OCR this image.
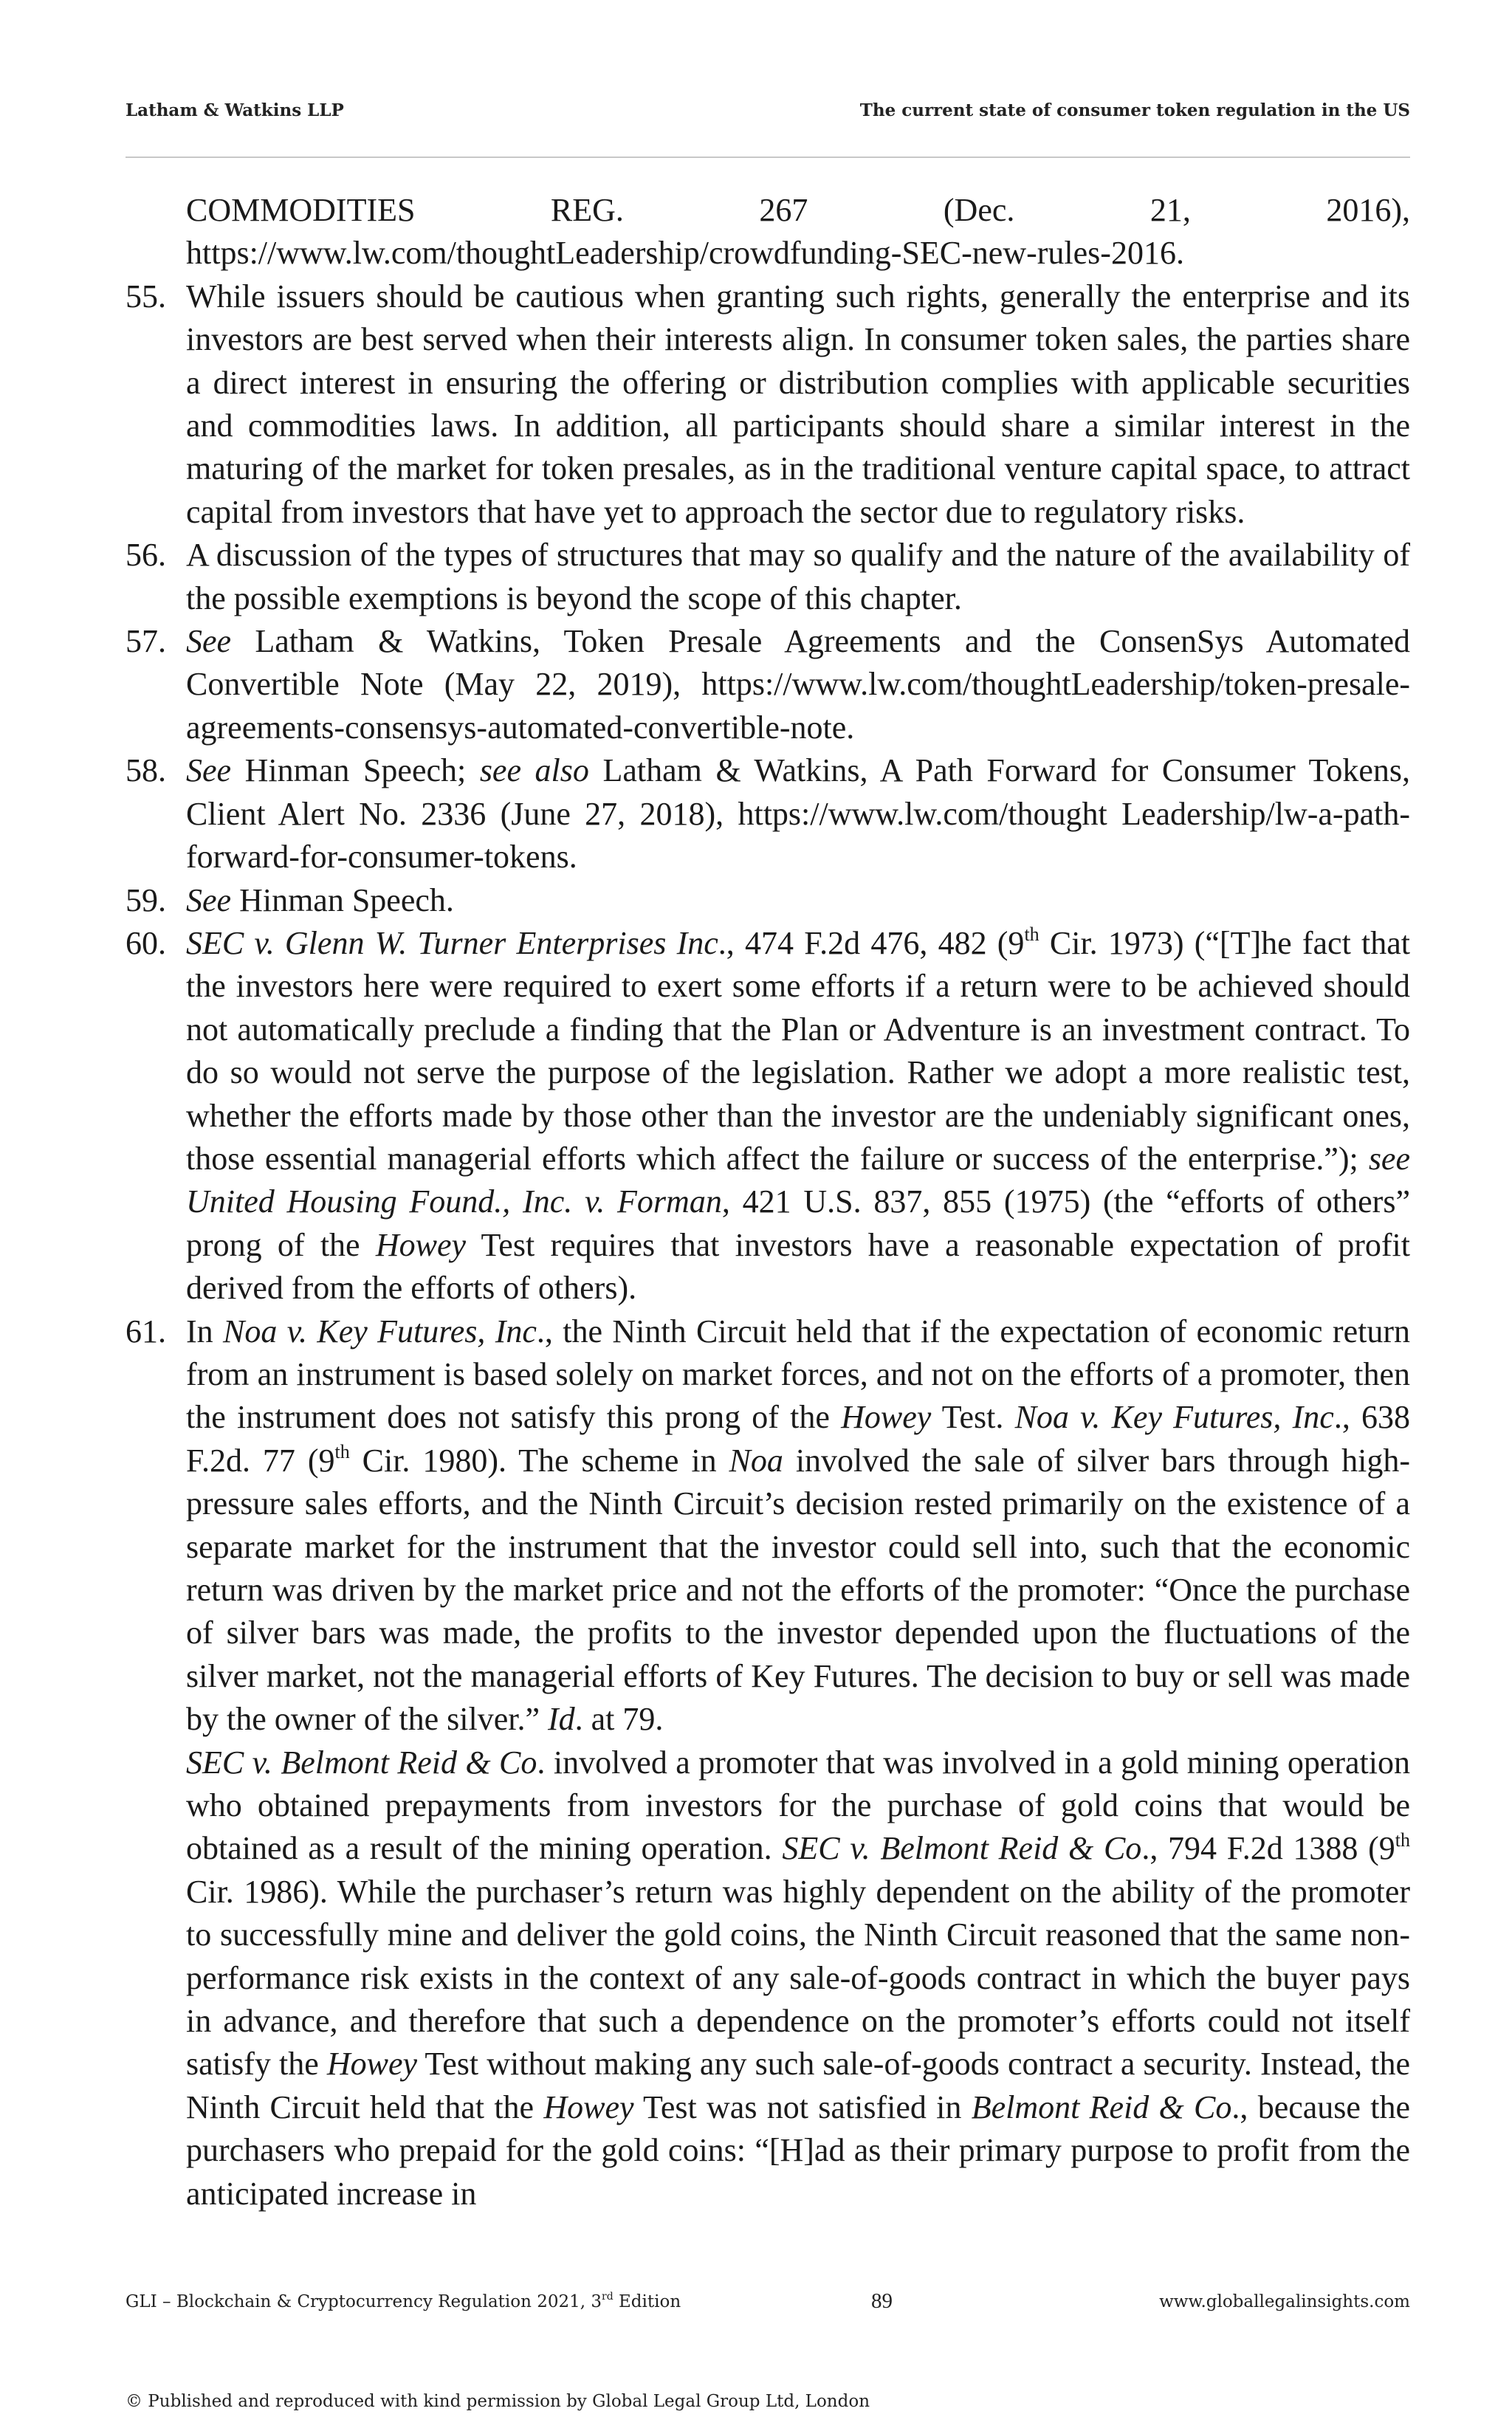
Latham & Watkins LLP	The current state of consumer token regulation in the US
COMMODITIES REG. 267 (Dec. 21, 2016), https://www.lw.com/thoughtLeadership/crowdfunding-SEC-new-rules-2016.
55. While issuers should be cautious when granting such rights, generally the enterprise and its investors are best served when their interests align. In consumer token sales, the parties share a direct interest in ensuring the offering or distribution complies with applicable securities and commodities laws. In addition, all participants should share a similar interest in the maturing of the market for token presales, as in the traditional venture capital space, to attract capital from investors that have yet to approach the sector due to regulatory risks.
56. A discussion of the types of structures that may so qualify and the nature of the availability of the possible exemptions is beyond the scope of this chapter.
57. See Latham & Watkins, Token Presale Agreements and the ConsenSys Automated Convertible Note (May 22, 2019), https://www.lw.com/thoughtLeadership/token-presale-agreements-consensys-automated-convertible-note.
58. See Hinman Speech; see also Latham & Watkins, A Path Forward for Consumer Tokens, Client Alert No. 2336 (June 27, 2018), https://www.lw.com/thought Leadership/lw-a-path-forward-for-consumer-tokens.
59. See Hinman Speech.
60. SEC v. Glenn W. Turner Enterprises Inc., 474 F.2d 476, 482 (9th Cir. 1973) (“[T]he fact that the investors here were required to exert some efforts if a return were to be achieved should not automatically preclude a finding that the Plan or Adventure is an investment contract. To do so would not serve the purpose of the legislation. Rather we adopt a more realistic test, whether the efforts made by those other than the investor are the undeniably significant ones, those essential managerial efforts which affect the failure or success of the enterprise.”); see United Housing Found., Inc. v. Forman, 421 U.S. 837, 855 (1975) (the “efforts of others” prong of the Howey Test requires that investors have a reasonable expectation of profit derived from the efforts of others).
61. In Noa v. Key Futures, Inc., the Ninth Circuit held that if the expectation of economic return from an instrument is based solely on market forces, and not on the efforts of a promoter, then the instrument does not satisfy this prong of the Howey Test. Noa v. Key Futures, Inc., 638 F.2d. 77 (9th Cir. 1980). The scheme in Noa involved the sale of silver bars through high-pressure sales efforts, and the Ninth Circuit’s decision rested primarily on the existence of a separate market for the instrument that the investor could sell into, such that the economic return was driven by the market price and not the efforts of the promoter: “Once the purchase of silver bars was made, the profits to the investor depended upon the fluctuations of the silver market, not the managerial efforts of Key Futures. The decision to buy or sell was made by the owner of the silver.” Id. at 79.
SEC v. Belmont Reid & Co. involved a promoter that was involved in a gold mining operation who obtained prepayments from investors for the purchase of gold coins that would be obtained as a result of the mining operation. SEC v. Belmont Reid & Co., 794 F.2d 1388 (9th Cir. 1986). While the purchaser’s return was highly dependent on the ability of the promoter to successfully mine and deliver the gold coins, the Ninth Circuit reasoned that the same non-performance risk exists in the context of any sale-of-goods contract in which the buyer pays in advance, and therefore that such a dependence on the promoter’s efforts could not itself satisfy the Howey Test without making any such sale-of-goods contract a security. Instead, the Ninth Circuit held that the Howey Test was not satisfied in Belmont Reid & Co., because the purchasers who prepaid for the gold coins: “[H]ad as their primary purpose to profit from the anticipated increase in
GLI – Blockchain & Cryptocurrency Regulation 2021, 3rd Edition	89	www.globallegalinsights.com
© Published and reproduced with kind permission by Global Legal Group Ltd, London
